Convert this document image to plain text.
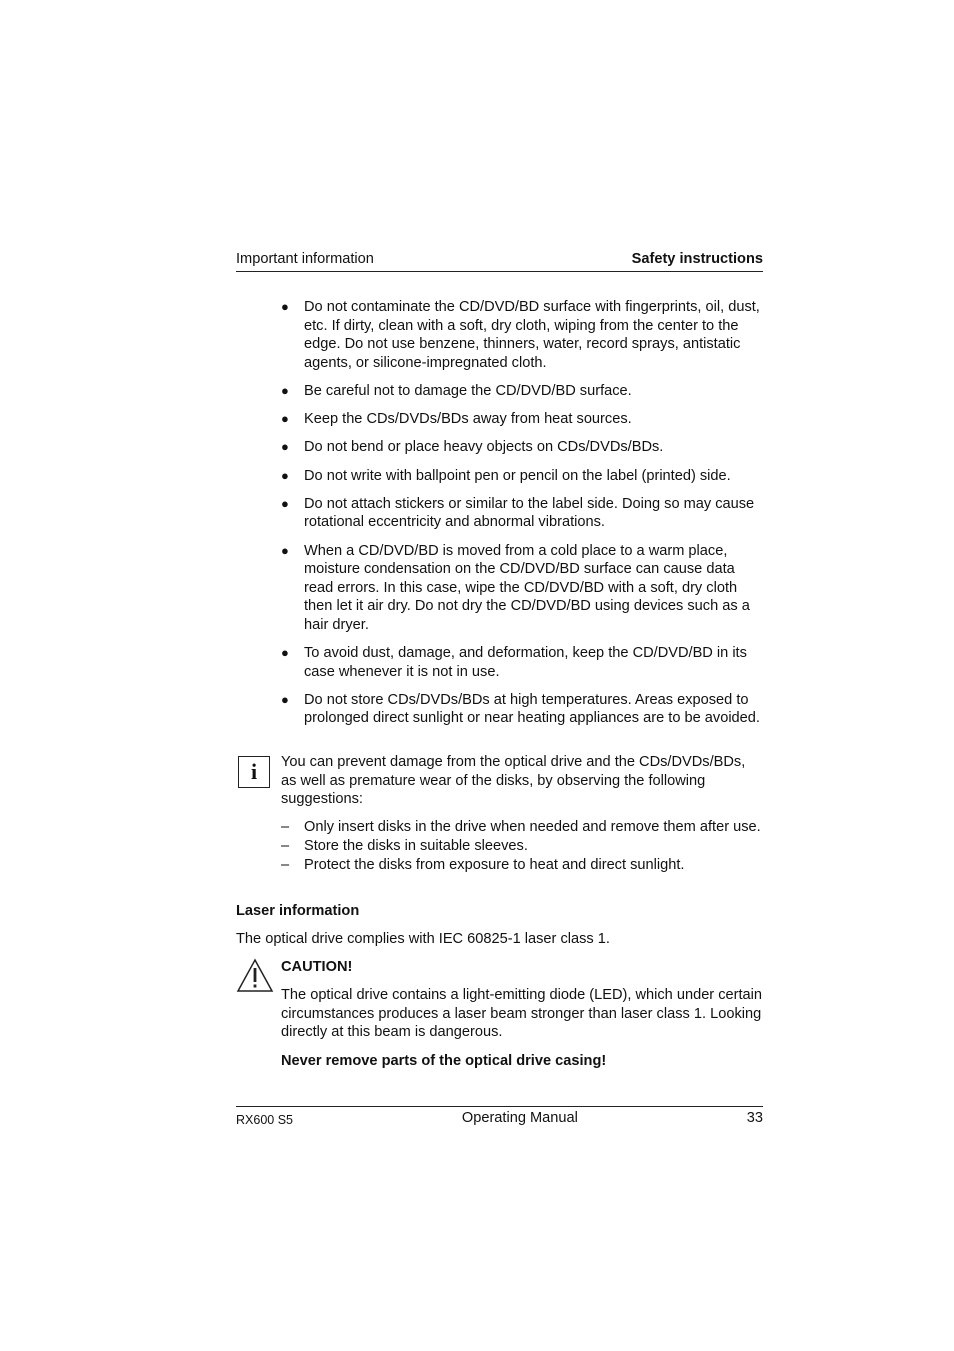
Important information	Safety instructions
● Do not contaminate the CD/DVD/BD surface with fingerprints, oil, dust, etc. If dirty, clean with a soft, dry cloth, wiping from the center to the edge. Do not use benzene, thinners, water, record sprays, antistatic agents, or silicone-impregnated cloth.
● Be careful not to damage the CD/DVD/BD surface.
● Keep the CDs/DVDs/BDs away from heat sources.
● Do not bend or place heavy objects on CDs/DVDs/BDs.
● Do not write with ballpoint pen or pencil on the label (printed) side.
● Do not attach stickers or similar to the label side. Doing so may cause rotational eccentricity and abnormal vibrations.
● When a CD/DVD/BD is moved from a cold place to a warm place, moisture condensation on the CD/DVD/BD surface can cause data read errors. In this case, wipe the CD/DVD/BD with a soft, dry cloth then let it air dry. Do not dry the CD/DVD/BD using devices such as a hair dryer.
● To avoid dust, damage, and deformation, keep the CD/DVD/BD in its case whenever it is not in use.
● Do not store CDs/DVDs/BDs at high temperatures. Areas exposed to prolonged direct sunlight or near heating appliances are to be avoided.
i	You can prevent damage from the optical drive and the CDs/DVDs/BDs, as well as premature wear of the disks, by observing the following suggestions:
– Only insert disks in the drive when needed and remove them after use.
– Store the disks in suitable sleeves.
– Protect the disks from exposure to heat and direct sunlight.
Laser information
The optical drive complies with IEC 60825-1 laser class 1.
CAUTION!
The optical drive contains a light-emitting diode (LED), which under certain circumstances produces a laser beam stronger than laser class 1. Looking directly at this beam is dangerous.
Never remove parts of the optical drive casing!
RX600 S5	Operating Manual	33
